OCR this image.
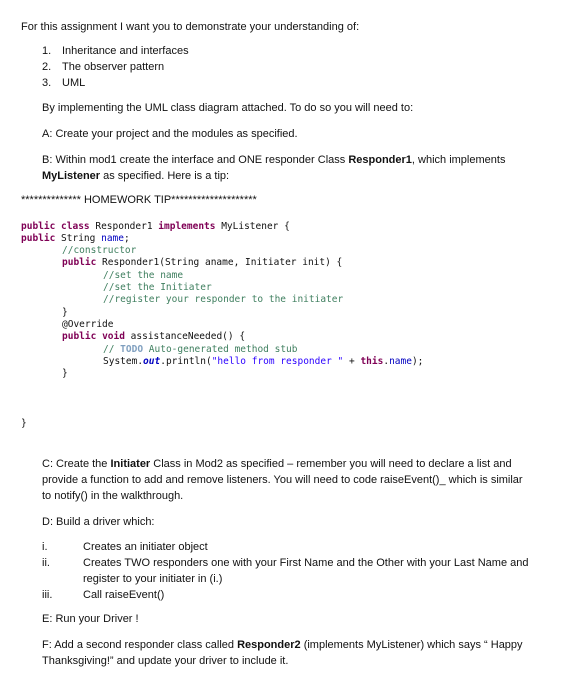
For this assignment I want you to demonstrate your understanding of:
1. Inheritance and interfaces
2. The observer pattern
3. UML
By implementing the UML class diagram attached. To do so you will need to:
A: Create your project and the modules as specified.
B: Within mod1 create the interface and ONE responder Class Responder1, which implements
MyListener as specified. Here is a tip:
************** HOMEWORK TIP********************
public class Responder1 implements MyListener {
public String name;
//constructor
public Responder1(String aname, Initiater init) {
//set the name
//set the Initiater
//register your responder to the initiater
}
@Override
public void assistanceNeeded() {
// TODO Auto-generated method stub
System.out.println("hello from responder " + this.name);
}
}
C: Create the Initiater Class in Mod2 as specified – remember you will need to declare a list and
provide a function to add and remove listeners. You will need to code raiseEvent()_ which is similar
to notify() in the walkthrough.
D: Build a driver which:
i.	Creates an initiater object
ii.	Creates TWO responders one with your First Name and the Other with your Last Name and
register to your initiater in (i.)
iii.	Call raiseEvent()
E: Run your Driver !
F: Add a second responder class called Responder2 (implements MyListener) which says “ Happy
Thanksgiving!” and update your driver to include it.
